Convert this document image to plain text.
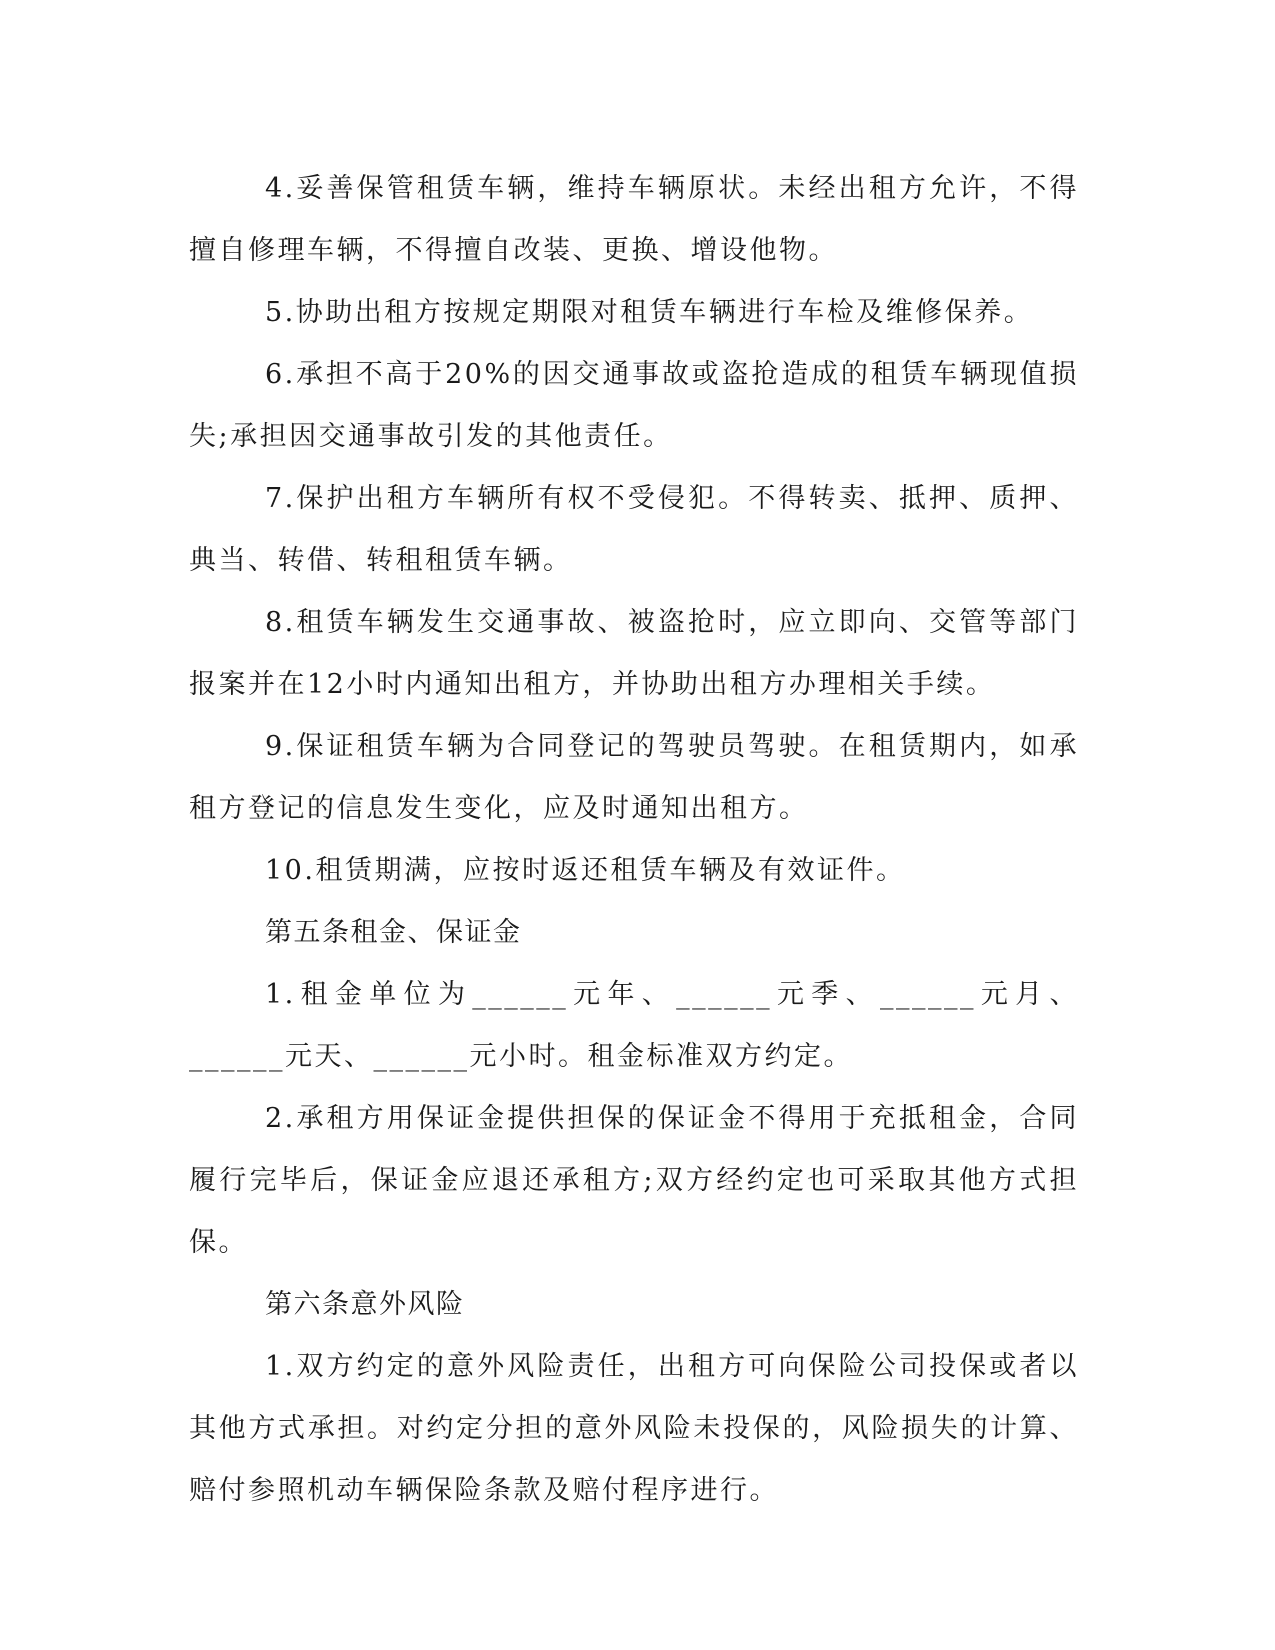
4.妥善保管租赁车辆，维持车辆原状。未经出租方允许，不得擅自修理车辆，不得擅自改装、更换、增设他物。

5.协助出租方按规定期限对租赁车辆进行车检及维修保养。

6.承担不高于20%的因交通事故或盗抢造成的租赁车辆现值损失;承担因交通事故引发的其他责任。

7.保护出租方车辆所有权不受侵犯。不得转卖、抵押、质押、典当、转借、转租租赁车辆。

8.租赁车辆发生交通事故、被盗抢时，应立即向、交管等部门报案并在12小时内通知出租方，并协助出租方办理相关手续。

9.保证租赁车辆为合同登记的驾驶员驾驶。在租赁期内，如承租方登记的信息发生变化，应及时通知出租方。

10.租赁期满，应按时返还租赁车辆及有效证件。

第五条租金、保证金

1.租金单位为______元年、______元季、______元月、______元天、______元小时。租金标准双方约定。

2.承租方用保证金提供担保的保证金不得用于充抵租金，合同履行完毕后，保证金应退还承租方;双方经约定也可采取其他方式担保。

第六条意外风险

1.双方约定的意外风险责任，出租方可向保险公司投保或者以其他方式承担。对约定分担的意外风险未投保的，风险损失的计算、赔付参照机动车辆保险条款及赔付程序进行。
